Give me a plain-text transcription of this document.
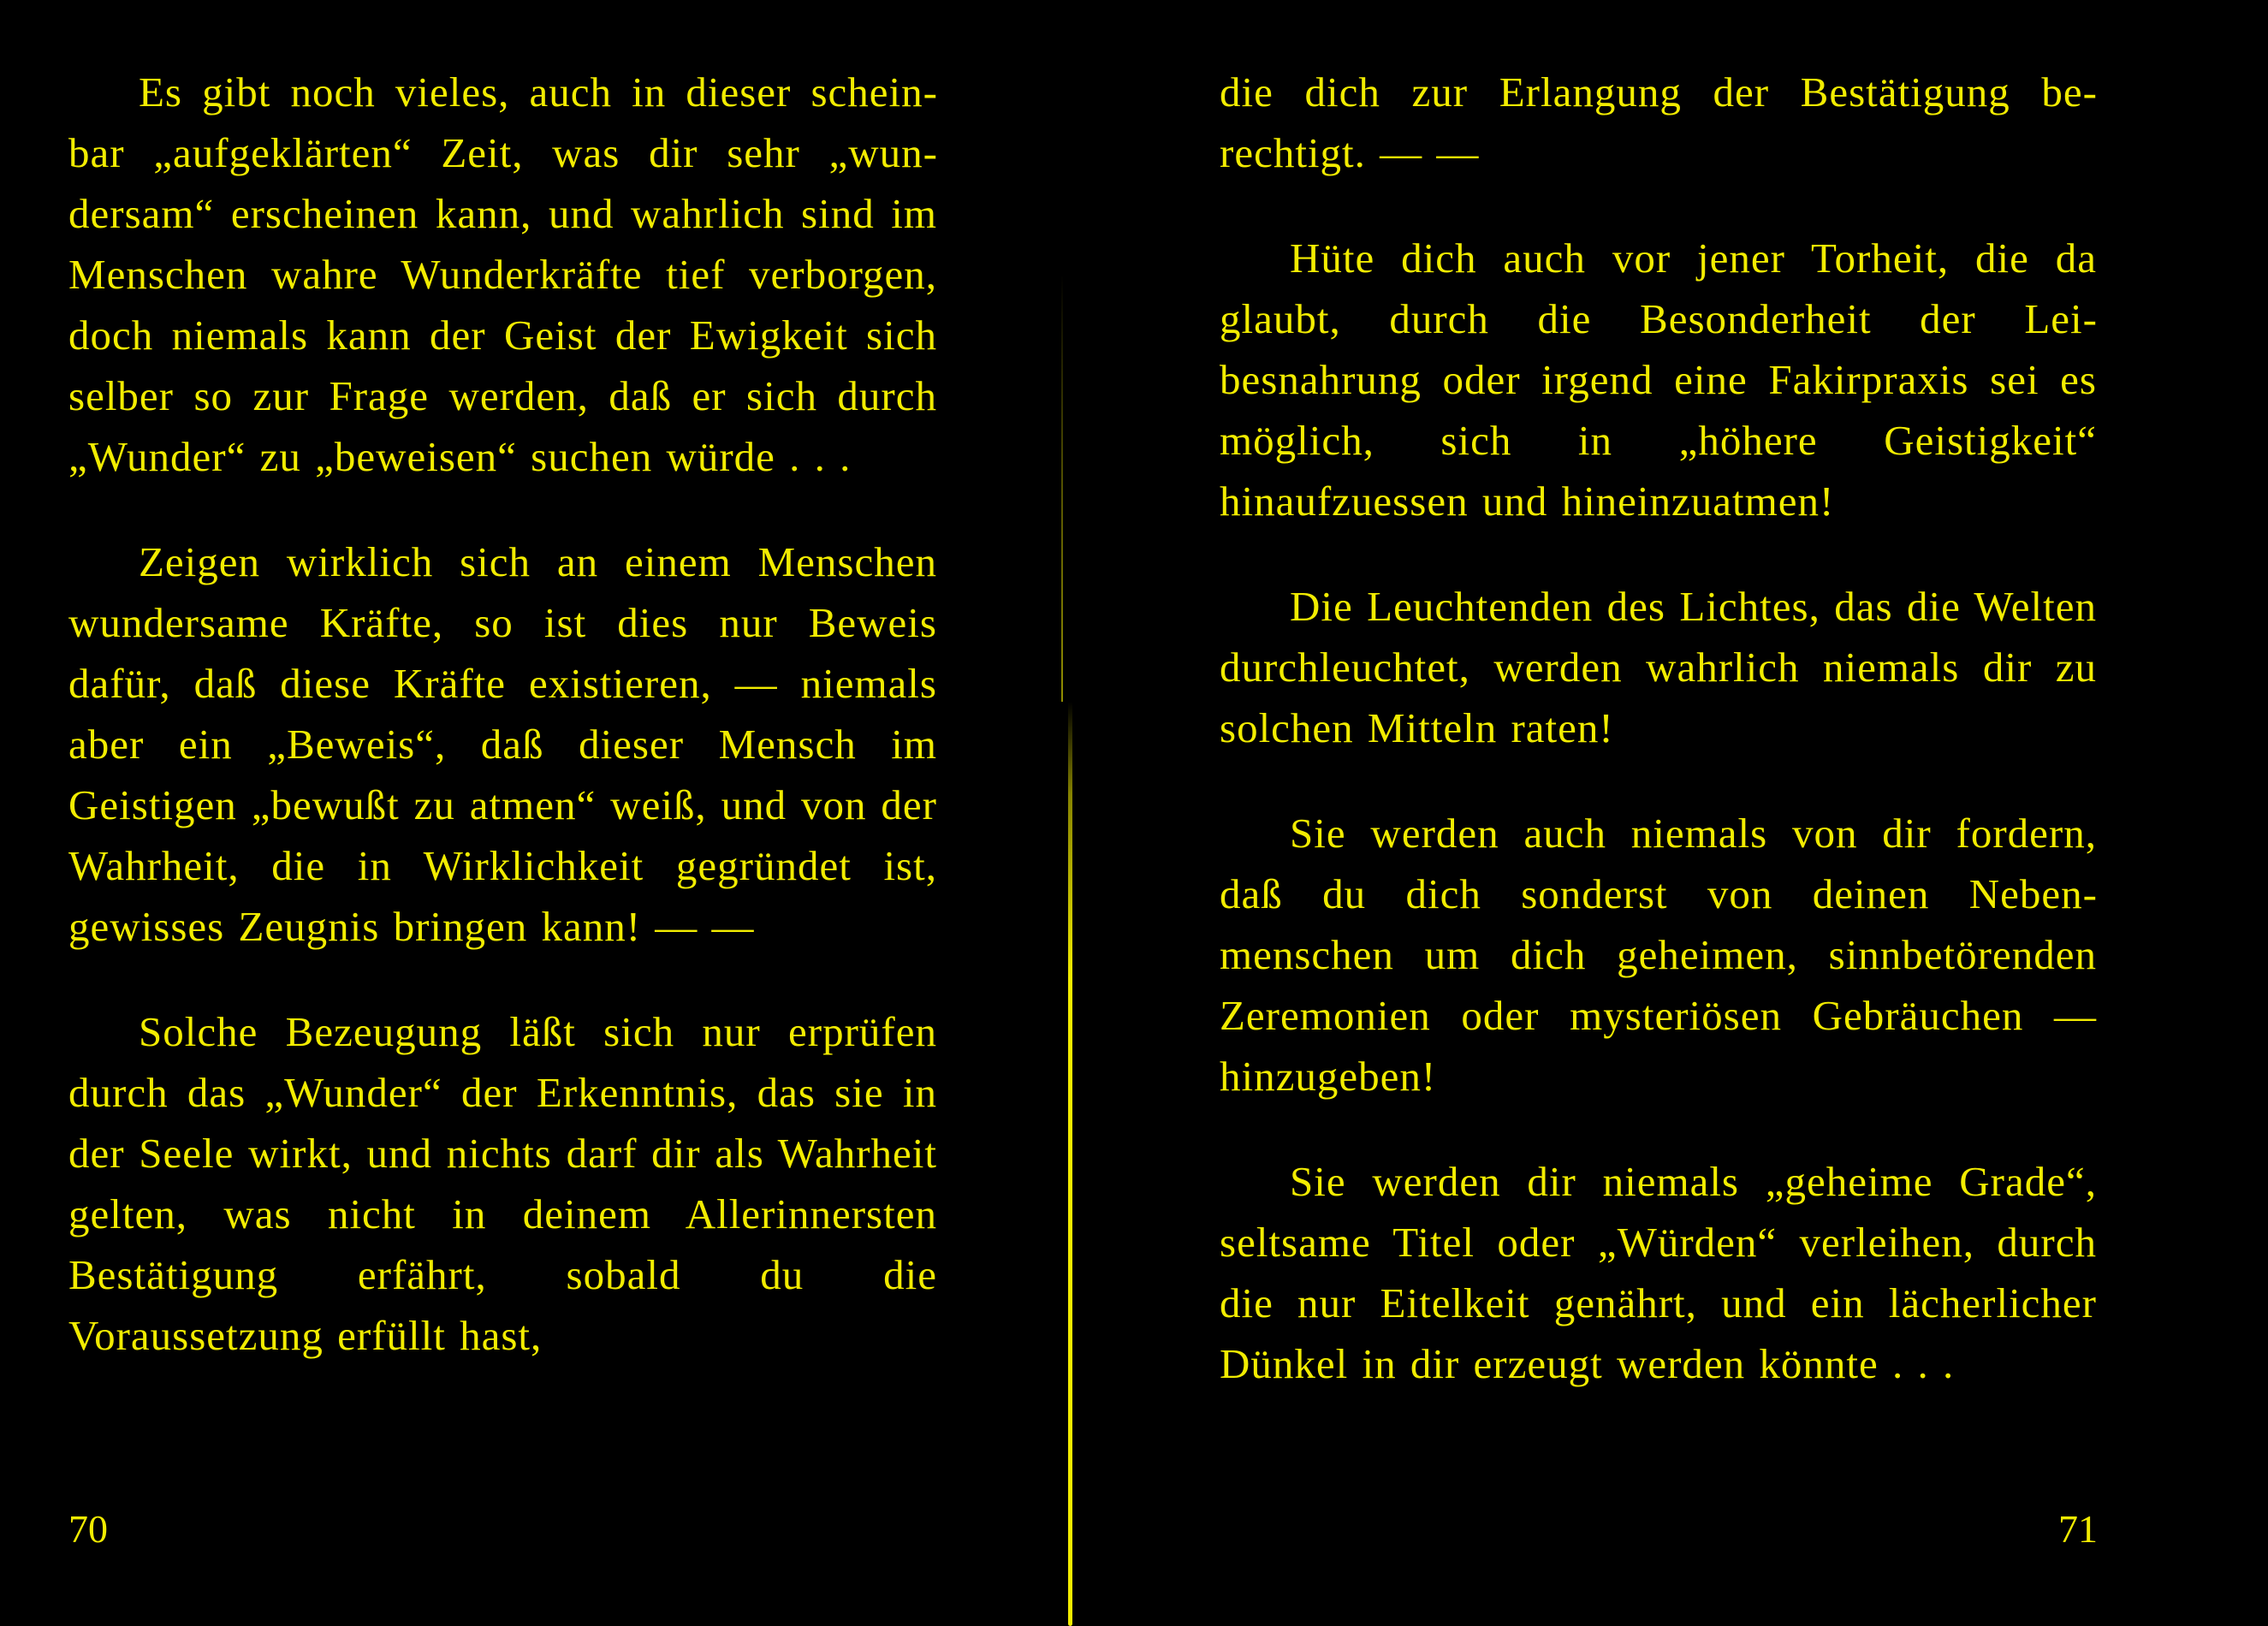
Es gibt noch vieles, auch in dieser scheinbar „aufgeklärten“ Zeit, was dir sehr „wundersam“ erscheinen kann, und wahrlich sind im Menschen wahre Wunderkräfte tief verborgen, doch niemals kann der Geist der Ewigkeit sich selber so zur Frage werden, daß er sich durch „Wunder“ zu „beweisen“ suchen würde . . .

Zeigen wirklich sich an einem Menschen wundersame Kräfte, so ist dies nur Beweis dafür, daß diese Kräfte existieren, — niemals aber ein „Beweis“, daß dieser Mensch im Geistigen „bewußt zu atmen“ weiß, und von der Wahrheit, die in Wirklichkeit gegründet ist, gewisses Zeugnis bringen kann! — —

Solche Bezeugung läßt sich nur erprüfen durch das „Wunder“ der Erkenntnis, das sie in der Seele wirkt, und nichts darf dir als Wahrheit gelten, was nicht in deinem Allerinnersten Bestätigung erfährt, sobald du die Voraussetzung erfüllt hast,

70

die dich zur Erlangung der Bestätigung berechtigt. — —

Hüte dich auch vor jener Torheit, die da glaubt, durch die Besonderheit der Leibesnahrung oder irgend eine Fakirpraxis sei es möglich, sich in „höhere Geistigkeit“ hinaufzuessen und hineinzuatmen!

Die Leuchtenden des Lichtes, das die Welten durchleuchtet, werden wahrlich niemals dir zu solchen Mitteln raten!

Sie werden auch niemals von dir fordern, daß du dich sonderst von deinen Nebenmenschen um dich geheimen, sinnbetörenden Zeremonien oder mysteriösen Gebräuchen — hinzugeben!

Sie werden dir niemals „geheime Grade“, seltsame Titel oder „Würden“ verleihen, durch die nur Eitelkeit genährt, und ein lächerlicher Dünkel in dir erzeugt werden könnte . . .

71
